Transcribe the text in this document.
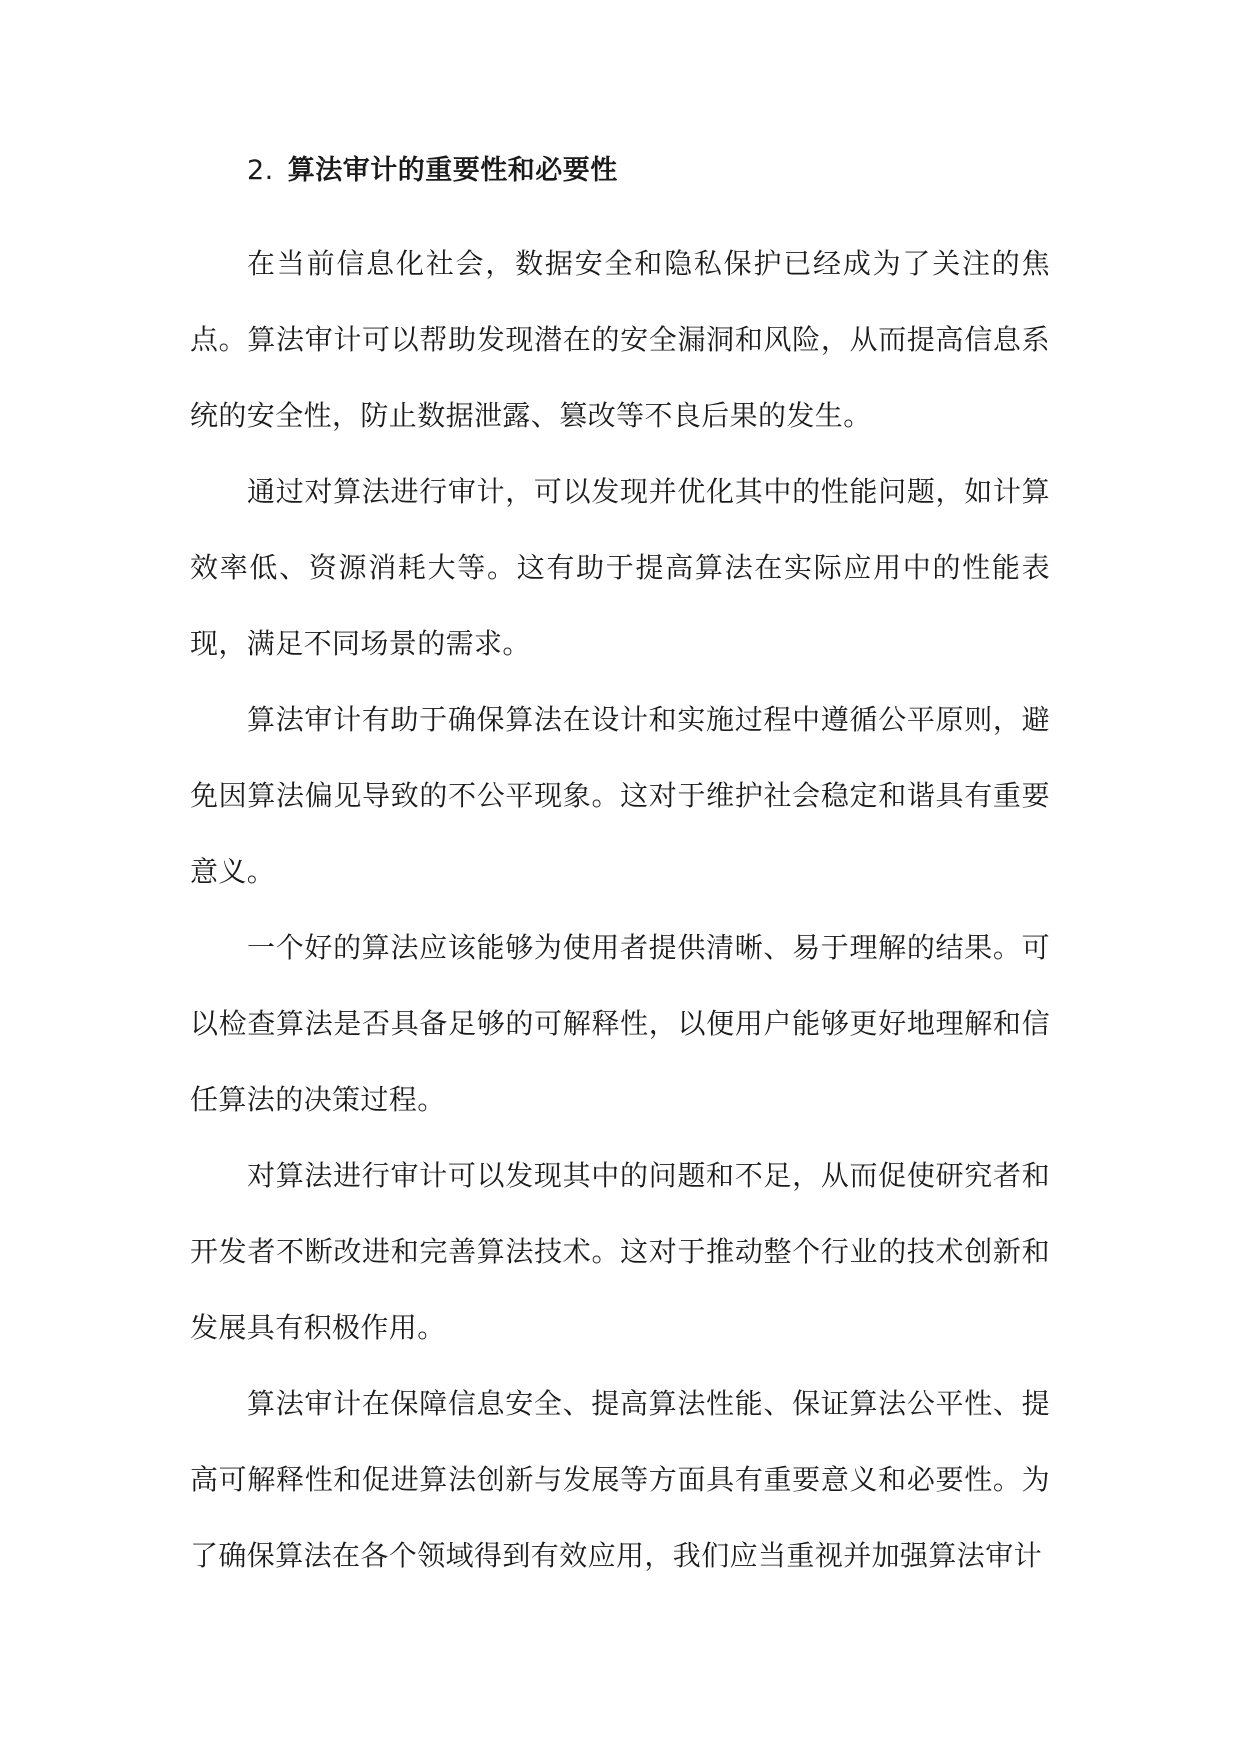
2. 算法审计的重要性和必要性

在当前信息化社会，数据安全和隐私保护已经成为了关注的焦点。算法审计可以帮助发现潜在的安全漏洞和风险，从而提高信息系统的安全性，防止数据泄露、篡改等不良后果的发生。

通过对算法进行审计，可以发现并优化其中的性能问题，如计算效率低、资源消耗大等。这有助于提高算法在实际应用中的性能表现，满足不同场景的需求。

算法审计有助于确保算法在设计和实施过程中遵循公平原则，避免因算法偏见导致的不公平现象。这对于维护社会稳定和谐具有重要意义。

一个好的算法应该能够为使用者提供清晰、易于理解的结果。可以检查算法是否具备足够的可解释性，以便用户能够更好地理解和信任算法的决策过程。

对算法进行审计可以发现其中的问题和不足，从而促使研究者和开发者不断改进和完善算法技术。这对于推动整个行业的技术创新和发展具有积极作用。

算法审计在保障信息安全、提高算法性能、保证算法公平性、提高可解释性和促进算法创新与发展等方面具有重要意义和必要性。为了确保算法在各个领域得到有效应用，我们应当重视并加强算法审计
